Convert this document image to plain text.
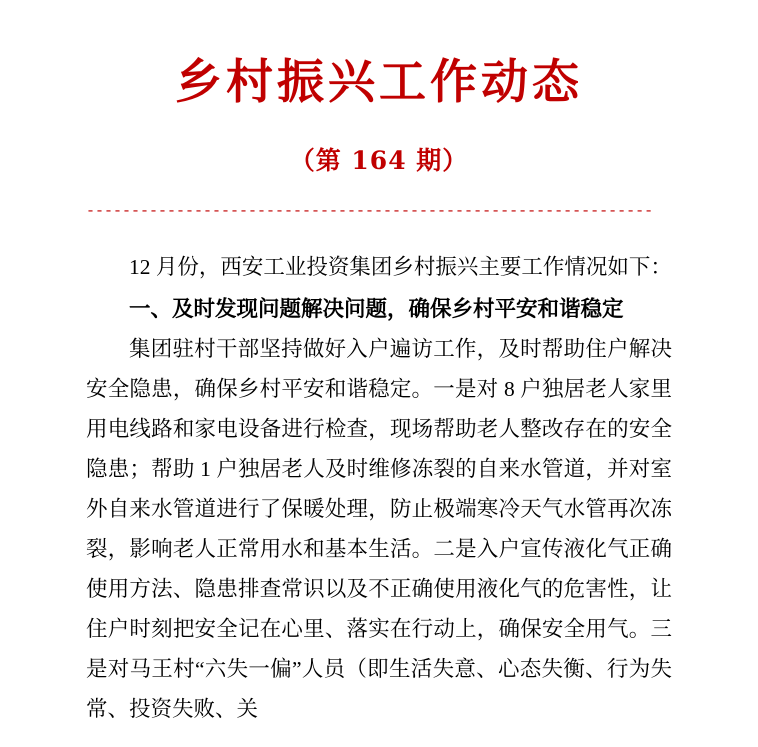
乡村振兴工作动态
（第 164 期）
---------------------------------------------------------------

12 月份，西安工业投资集团乡村振兴主要工作情况如下：

一、及时发现问题解决问题，确保乡村平安和谐稳定

集团驻村干部坚持做好入户遍访工作，及时帮助住户解决安全隐患，确保乡村平安和谐稳定。一是对 8 户独居老人家里用电线路和家电设备进行检查，现场帮助老人整改存在的安全隐患；帮助 1 户独居老人及时维修冻裂的自来水管道，并对室外自来水管道进行了保暖处理，防止极端寒冷天气水管再次冻裂，影响老人正常用水和基本生活。二是入户宣传液化气正确使用方法、隐患排查常识以及不正确使用液化气的危害性，让住户时刻把安全记在心里、落实在行动上，确保安全用气。三是对马王村“六失一偏”人员（即生活失意、心态失衡、行为失常、投资失败、关
